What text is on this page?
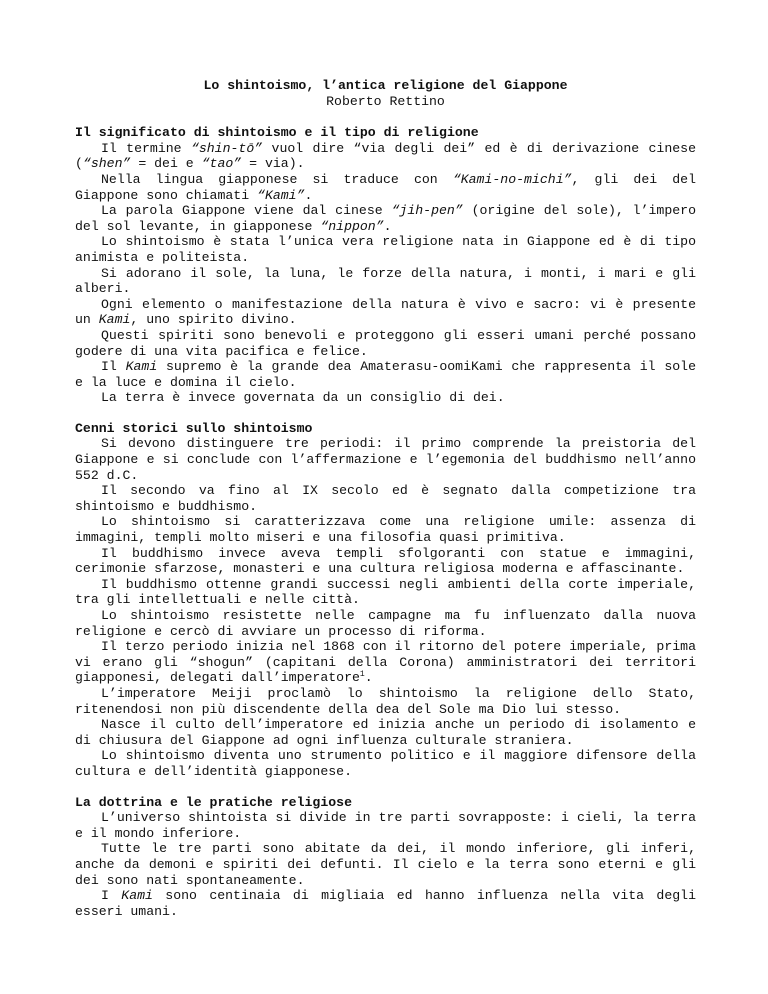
Lo shintoismo, l’antica religione del Giappone
Roberto Rettino
Il significato di shintoismo e il tipo di religione

Il termine “shin-tō” vuol dire “via degli dei” ed è di derivazione cinese (“shen” = dei e “tao” = via).

Nella lingua giapponese si traduce con “Kami-no-michi”, gli dei del Giappone sono chiamati “Kami”.

La parola Giappone viene dal cinese “jih-pen” (origine del sole), l’impero del sol levante, in giapponese “nippon”.

Lo shintoismo è stata l’unica vera religione nata in Giappone ed è di tipo animista e politeista.

Si adorano il sole, la luna, le forze della natura, i monti, i mari e gli alberi.

Ogni elemento o manifestazione della natura è vivo e sacro: vi è presente un Kami, uno spirito divino.

Questi spiriti sono benevoli e proteggono gli esseri umani perché possano godere di una vita pacifica e felice.

Il Kami supremo è la grande dea Amaterasu-oomiKami che rappresenta il sole e la luce e domina il cielo.

La terra è invece governata da un consiglio di dei.

Cenni storici sullo shintoismo

Si devono distinguere tre periodi: il primo comprende la preistoria del Giappone e si conclude con l’affermazione e l’egemonia del buddhismo nell’anno 552 d.C.

Il secondo va fino al IX secolo ed è segnato dalla competizione tra shintoismo e buddhismo.

Lo shintoismo si caratterizzava come una religione umile: assenza di immagini, templi molto miseri e una filosofia quasi primitiva.

Il buddhismo invece aveva templi sfolgoranti con statue e immagini, cerimonie sfarzose, monasteri e una cultura religiosa moderna e affascinante.

Il buddhismo ottenne grandi successi negli ambienti della corte imperiale, tra gli intellettuali e nelle città.

Lo shintoismo resistette nelle campagne ma fu influenzato dalla nuova religione e cercò di avviare un processo di riforma.

Il terzo periodo inizia nel 1868 con il ritorno del potere imperiale, prima vi erano gli “shogun” (capitani della Corona) amministratori dei territori giapponesi, delegati dall’imperatore$^1$.

L’imperatore Meiji proclamò lo shintoismo la religione dello Stato, ritenendosi non più discendente della dea del Sole ma Dio lui stesso.

Nasce il culto dell’imperatore ed inizia anche un periodo di isolamento e di chiusura del Giappone ad ogni influenza culturale straniera.

Lo shintoismo diventa uno strumento politico e il maggiore difensore della cultura e dell’identità giapponese.

La dottrina e le pratiche religiose

L’universo shintoista si divide in tre parti sovrapposte: i cieli, la terra e il mondo inferiore.

Tutte le tre parti sono abitate da dei, il mondo inferiore, gli inferi, anche da demoni e spiriti dei defunti. Il cielo e la terra sono eterni e gli dei sono nati spontaneamente.

I Kami sono centinaia di migliaia ed hanno influenza nella vita degli esseri umani.
